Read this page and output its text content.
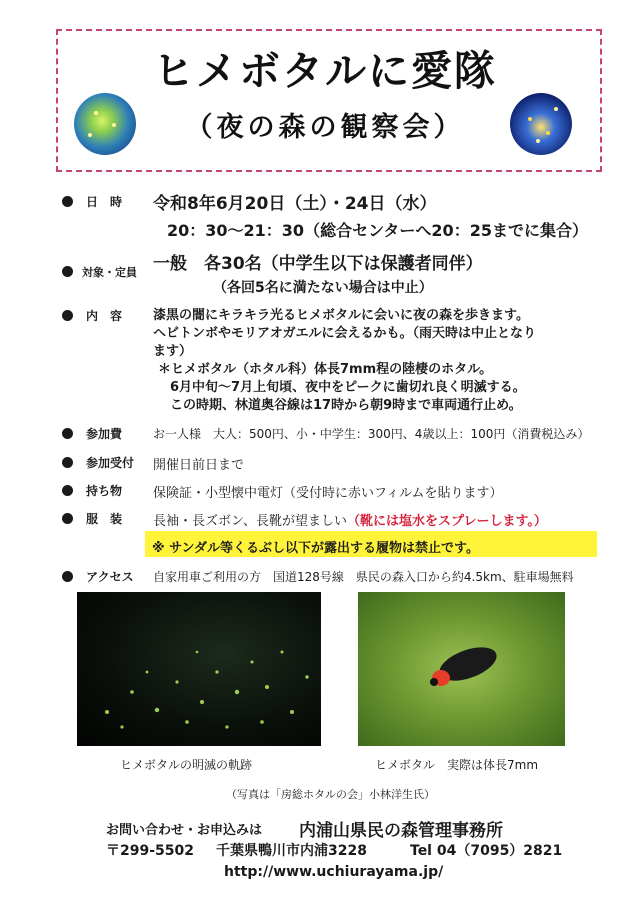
ヒメボタルに愛隊
（夜の森の観察会）
日　時	令和8年6月20日（土）・24日（水）
20：30～21：30（総合センターへ20：25までに集合）
対象・定員 一般　各30名（中学生以下は保護者同伴）
（各回5名に満たない場合は中止）
内　容	漆黒の闇にキラキラ光るヒメボタルに会いに夜の森を歩きます。
ヘビトンボやモリアオガエルに会えるかも。（雨天時は中止となり
ます）
＊ヒメボタル（ホタル科）体長7mm程の陸棲のホタル。
6月中旬～7月上旬頃、夜中をピークに歯切れ良く明滅する。
この時期、林道奥谷線は17時から朝9時まで車両通行止め。
参加費	お一人様　大人：500円、小・中学生：300円、4歳以上：100円（消費税込み）
参加受付 開催日前日まで
持ち物 保険証・小型懐中電灯（受付時に赤いフィルムを貼ります）
服　装 長袖・長ズボン、長靴が望ましい（靴には塩水をスプレーします。）
※ サンダル等くるぶし以下が露出する履物は禁止です。
アクセス 自家用車ご利用の方　国道128号線　県民の森入口から約4.5km、駐車場無料
ヒメボタルの明滅の軌跡	ヒメボタル　実際は体長7mm
（写真は「房総ホタルの会」小林洋生氏）
お問い合わせ・お申込みは 内浦山県民の森管理事務所
〒299-5502 千葉県鴨川市内浦3228	Tel 04（7095）2821
http://www.uchiurayama.jp/
